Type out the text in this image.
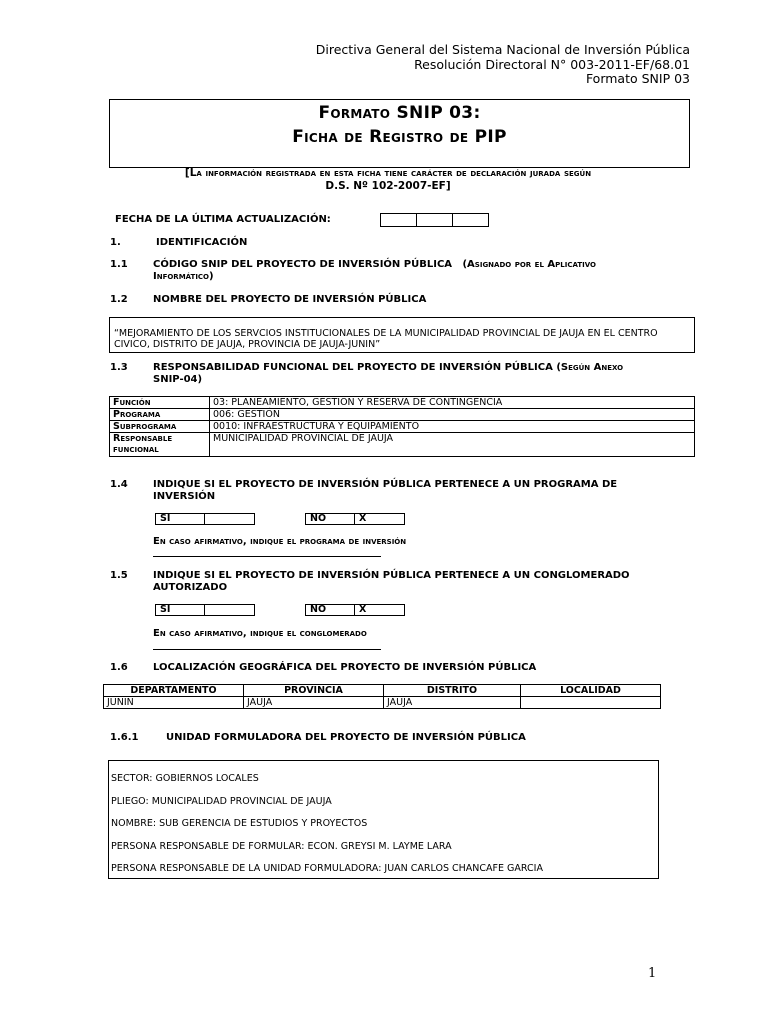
Directiva General del Sistema Nacional de Inversión Pública
Resolución Directoral N° 003-2011-EF/68.01
Formato SNIP 03
Formato SNIP 03:
Ficha de Registro de PIP
[La información registrada en esta ficha tiene carácter de declaración jurada según
D.S. Nº 102-2007-EF]
FECHA DE LA ÚLTIMA ACTUALIZACIÓN:
1.	IDENTIFICACIÓN
1.1	CÓDIGO SNIP DEL PROYECTO DE INVERSIÓN PÚBLICA (Asignado por el Aplicativo
Informático)
1.2	NOMBRE DEL PROYECTO DE INVERSIÓN PÚBLICA
“MEJORAMIENTO DE LOS SERVCIOS INSTITUCIONALES DE LA MUNICIPALIDAD PROVINCIAL DE JAUJA EN EL CENTRO CIVICO, DISTRITO DE JAUJA, PROVINCIA DE JAUJA-JUNIN”
1.3	RESPONSABILIDAD FUNCIONAL DEL PROYECTO DE INVERSIÓN PÚBLICA (Según Anexo
SNIP-04)
Función	03: PLANEAMIENTO, GESTION Y RESERVA DE CONTINGENCIA
Programa	006: GESTIÓN
Subprograma	0010: INFRAESTRUCTURA Y EQUIPAMIENTO
Responsable funcional	MUNICIPALIDAD PROVINCIAL DE JAUJA
1.4	INDIQUE SI EL PROYECTO DE INVERSIÓN PÚBLICA PERTENECE A UN PROGRAMA DE
INVERSIÓN
SI	NO	X
En caso afirmativo, indique el programa de inversión
1.5	INDIQUE SI EL PROYECTO DE INVERSIÓN PÚBLICA PERTENECE A UN CONGLOMERADO
AUTORIZADO
SI	NO	X
En caso afirmativo, indique el conglomerado
1.6	LOCALIZACIÓN GEOGRÁFICA DEL PROYECTO DE INVERSIÓN PÚBLICA
DEPARTAMENTO	PROVINCIA	DISTRITO	LOCALIDAD
JUNIN	JAUJA	JAUJA	
1.6.1	UNIDAD FORMULADORA DEL PROYECTO DE INVERSIÓN PÚBLICA
SECTOR: GOBIERNOS LOCALES
PLIEGO: MUNICIPALIDAD PROVINCIAL DE JAUJA
NOMBRE: SUB GERENCIA DE ESTUDIOS Y PROYECTOS
PERSONA RESPONSABLE DE FORMULAR: ECON. GREYSI M. LAYME LARA
PERSONA RESPONSABLE DE LA UNIDAD FORMULADORA: JUAN CARLOS CHANCAFE GARCIA
1
